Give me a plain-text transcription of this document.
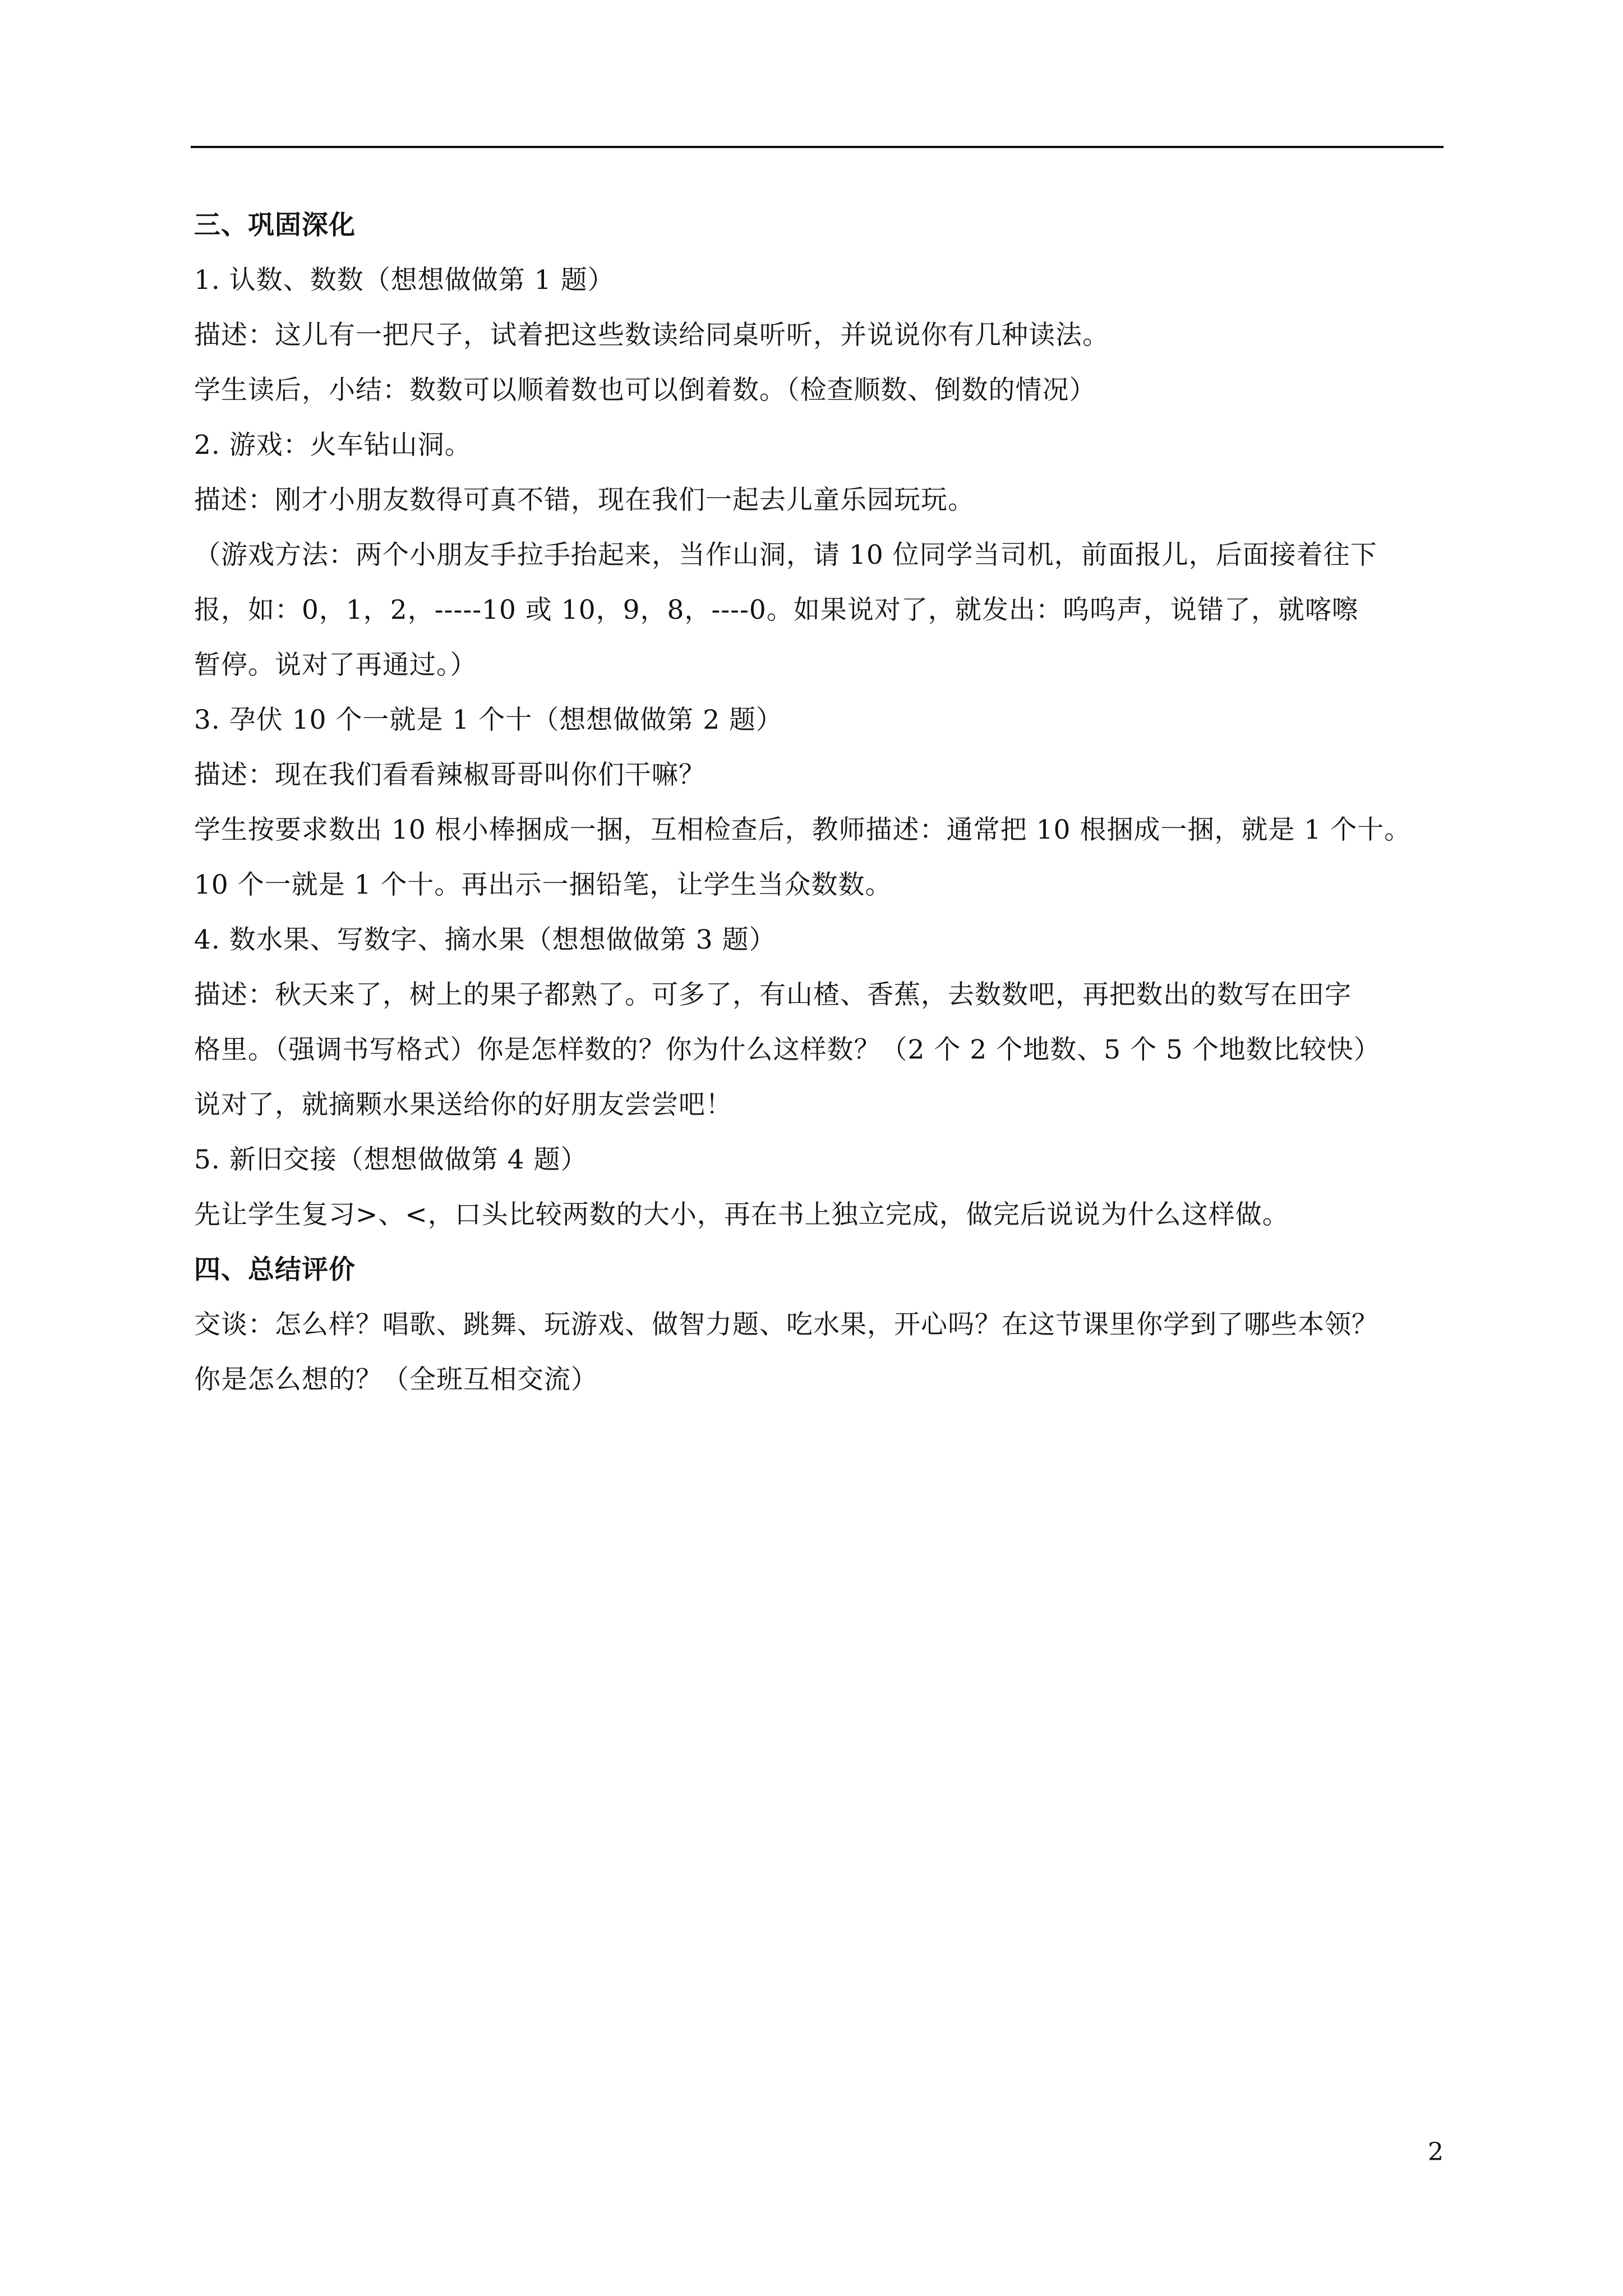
三、巩固深化
1. 认数、数数（想想做做第 1 题）
描述：这儿有一把尺子，试着把这些数读给同桌听听，并说说你有几种读法。
学生读后，小结：数数可以顺着数也可以倒着数。（检查顺数、倒数的情况）
2. 游戏：火车钻山洞。
描述：刚才小朋友数得可真不错，现在我们一起去儿童乐园玩玩。
（游戏方法：两个小朋友手拉手抬起来，当作山洞，请 10 位同学当司机，前面报儿，后面接着往下
报，如：0，1，2，-----10 或 10，9，8，----0。如果说对了，就发出：呜呜声，说错了，就喀嚓
暂停。说对了再通过。）
3. 孕伏 10 个一就是 1 个十（想想做做第 2 题）
描述：现在我们看看辣椒哥哥叫你们干嘛？
学生按要求数出 10 根小棒捆成一捆，互相检查后，教师描述：通常把 10 根捆成一捆，就是 1 个十。
10 个一就是 1 个十。再出示一捆铅笔，让学生当众数数。
4. 数水果、写数字、摘水果（想想做做第 3 题）
描述：秋天来了，树上的果子都熟了。可多了，有山楂、香蕉，去数数吧，再把数出的数写在田字
格里。（强调书写格式）你是怎样数的？你为什么这样数？（2 个 2 个地数、5 个 5 个地数比较快）
说对了，就摘颗水果送给你的好朋友尝尝吧！
5. 新旧交接（想想做做第 4 题）
先让学生复习>、<，口头比较两数的大小，再在书上独立完成，做完后说说为什么这样做。
四、总结评价
交谈：怎么样？唱歌、跳舞、玩游戏、做智力题、吃水果，开心吗？在这节课里你学到了哪些本领？
你是怎么想的？（全班互相交流）
2
